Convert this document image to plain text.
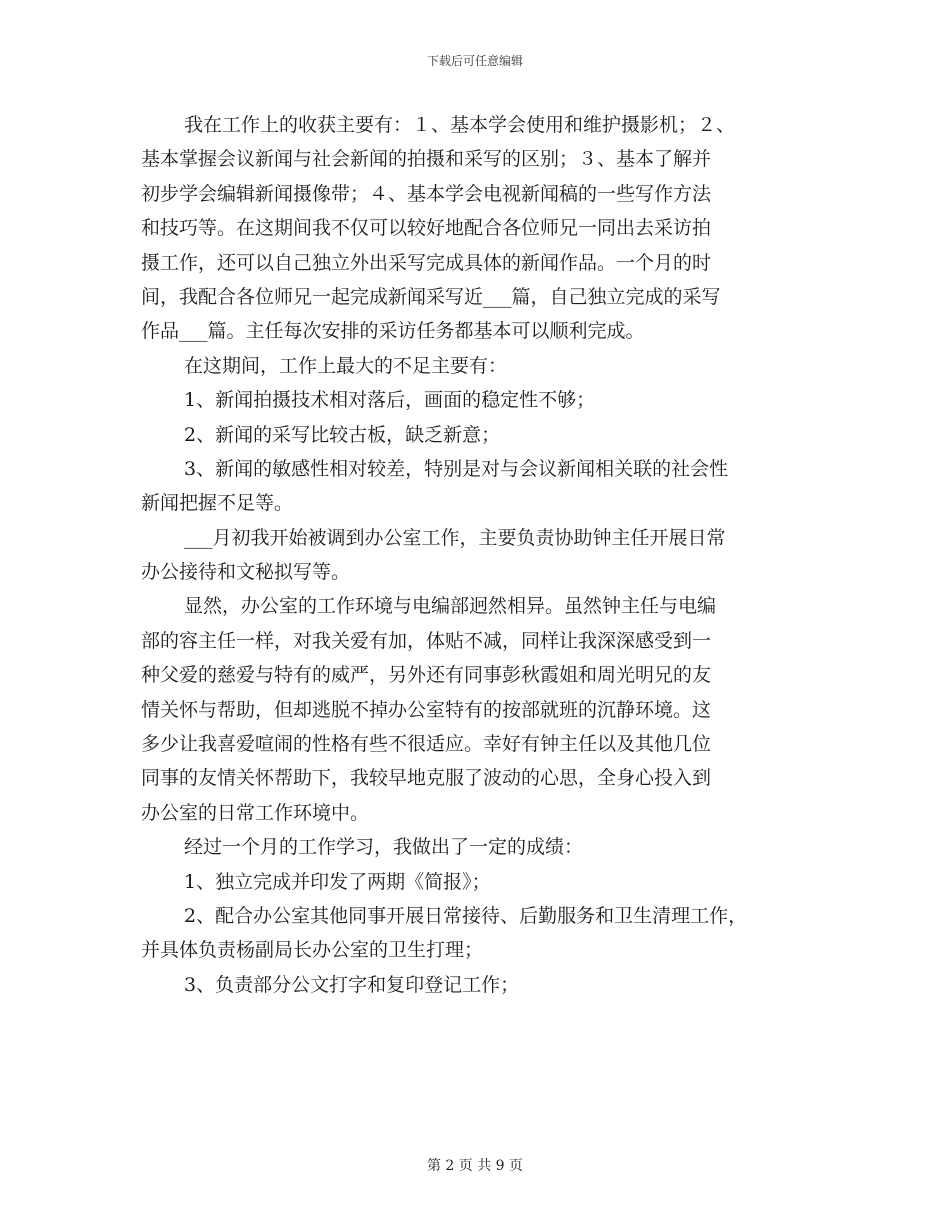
下载后可任意编辑
我在工作上的收获主要有：１、基本学会使用和维护摄影机；２、
基本掌握会议新闻与社会新闻的拍摄和采写的区别；３、基本了解并
初步学会编辑新闻摄像带；４、基本学会电视新闻稿的一些写作方法
和技巧等。在这期间我不仅可以较好地配合各位师兄一同出去采访拍
摄工作，还可以自己独立外出采写完成具体的新闻作品。一个月的时
间，我配合各位师兄一起完成新闻采写近___篇，自己独立完成的采写
作品___篇。主任每次安排的采访任务都基本可以顺利完成。
在这期间，工作上最大的不足主要有：
1、新闻拍摄技术相对落后，画面的稳定性不够；
2、新闻的采写比较古板，缺乏新意；
3、新闻的敏感性相对较差，特别是对与会议新闻相关联的社会性
新闻把握不足等。
___月初我开始被调到办公室工作，主要负责协助钟主任开展日常
办公接待和文秘拟写等。
显然，办公室的工作环境与电编部迥然相异。虽然钟主任与电编
部的容主任一样，对我关爱有加，体贴不减，同样让我深深感受到一
种父爱的慈爱与特有的威严，另外还有同事彭秋霞姐和周光明兄的友
情关怀与帮助，但却逃脱不掉办公室特有的按部就班的沉静环境。这
多少让我喜爱喧闹的性格有些不很适应。幸好有钟主任以及其他几位
同事的友情关怀帮助下，我较早地克服了波动的心思，全身心投入到
办公室的日常工作环境中。
经过一个月的工作学习，我做出了一定的成绩：
1、独立完成并印发了两期《简报》；
2、配合办公室其他同事开展日常接待、后勤服务和卫生清理工作，
并具体负责杨副局长办公室的卫生打理；
3、负责部分公文打字和复印登记工作；
第 2 页 共 9 页
